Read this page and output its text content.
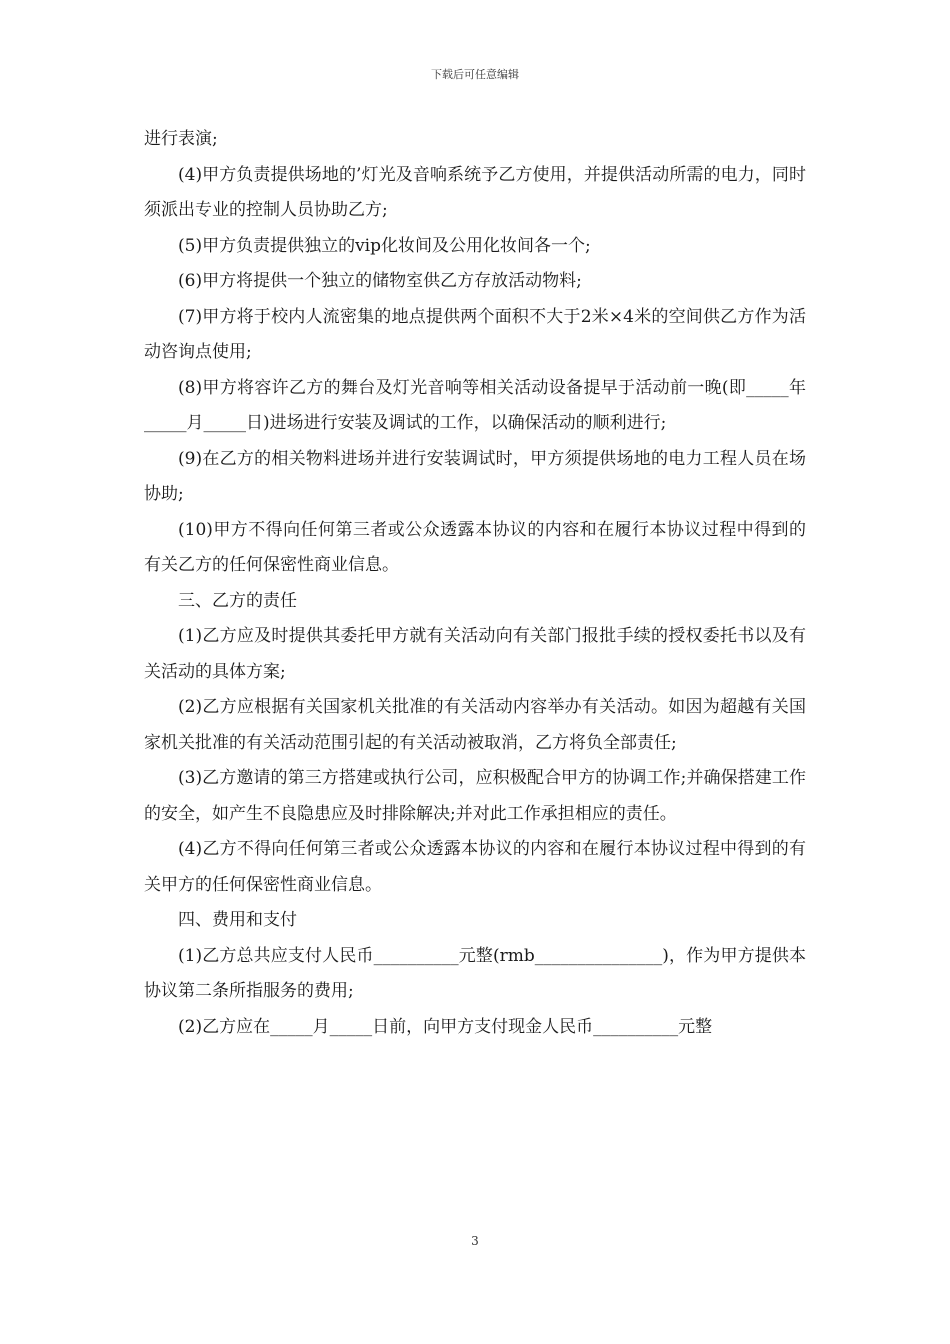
下载后可任意编辑

进行表演;

(4)甲方负责提供场地的’灯光及音响系统予乙方使用，并提供活动所需的电力，同时须派出专业的控制人员协助乙方;

(5)甲方负责提供独立的vip化妆间及公用化妆间各一个;

(6)甲方将提供一个独立的储物室供乙方存放活动物料;

(7)甲方将于校内人流密集的地点提供两个面积不大于2米×4米的空间供乙方作为活动咨询点使用;

(8)甲方将容许乙方的舞台及灯光音响等相关活动设备提早于活动前一晚(即_____年_____月_____日)进场进行安装及调试的工作，以确保活动的顺利进行;

(9)在乙方的相关物料进场并进行安装调试时，甲方须提供场地的电力工程人员在场协助;

(10)甲方不得向任何第三者或公众透露本协议的内容和在履行本协议过程中得到的有关乙方的任何保密性商业信息。

三、乙方的责任

(1)乙方应及时提供其委托甲方就有关活动向有关部门报批手续的授权委托书以及有关活动的具体方案;

(2)乙方应根据有关国家机关批准的有关活动内容举办有关活动。如因为超越有关国家机关批准的有关活动范围引起的有关活动被取消，乙方将负全部责任;

(3)乙方邀请的第三方搭建或执行公司，应积极配合甲方的协调工作;并确保搭建工作的安全，如产生不良隐患应及时排除解决;并对此工作承担相应的责任。

(4)乙方不得向任何第三者或公众透露本协议的内容和在履行本协议过程中得到的有关甲方的任何保密性商业信息。

四、费用和支付

(1)乙方总共应支付人民币__________元整(rmb_______________)，作为甲方提供本协议第二条所指服务的费用;

(2)乙方应在_____月_____日前，向甲方支付现金人民币__________元整

3
